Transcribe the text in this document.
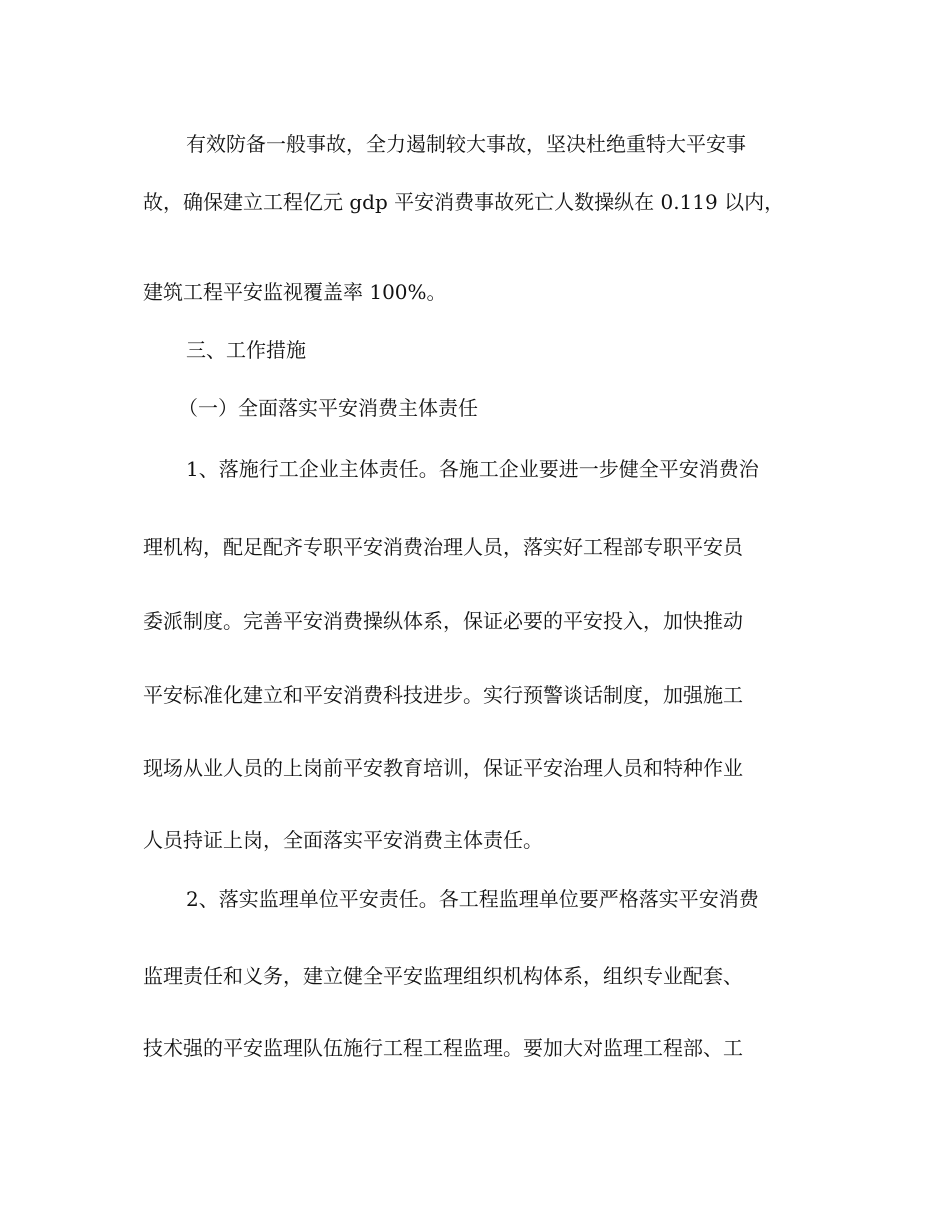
有效防备一般事故，全力遏制较大事故，坚决杜绝重特大平安事
故，确保建立工程亿元 gdp 平安消费事故死亡人数操纵在 0.119 以内，
建筑工程平安监视覆盖率 100%。
三、工作措施
（一）全面落实平安消费主体责任
1、落施行工企业主体责任。各施工企业要进一步健全平安消费治
理机构，配足配齐专职平安消费治理人员，落实好工程部专职平安员
委派制度。完善平安消费操纵体系，保证必要的平安投入，加快推动
平安标准化建立和平安消费科技进步。实行预警谈话制度，加强施工
现场从业人员的上岗前平安教育培训，保证平安治理人员和特种作业
人员持证上岗，全面落实平安消费主体责任。
2、落实监理单位平安责任。各工程监理单位要严格落实平安消费
监理责任和义务，建立健全平安监理组织机构体系，组织专业配套、
技术强的平安监理队伍施行工程工程监理。要加大对监理工程部、工
